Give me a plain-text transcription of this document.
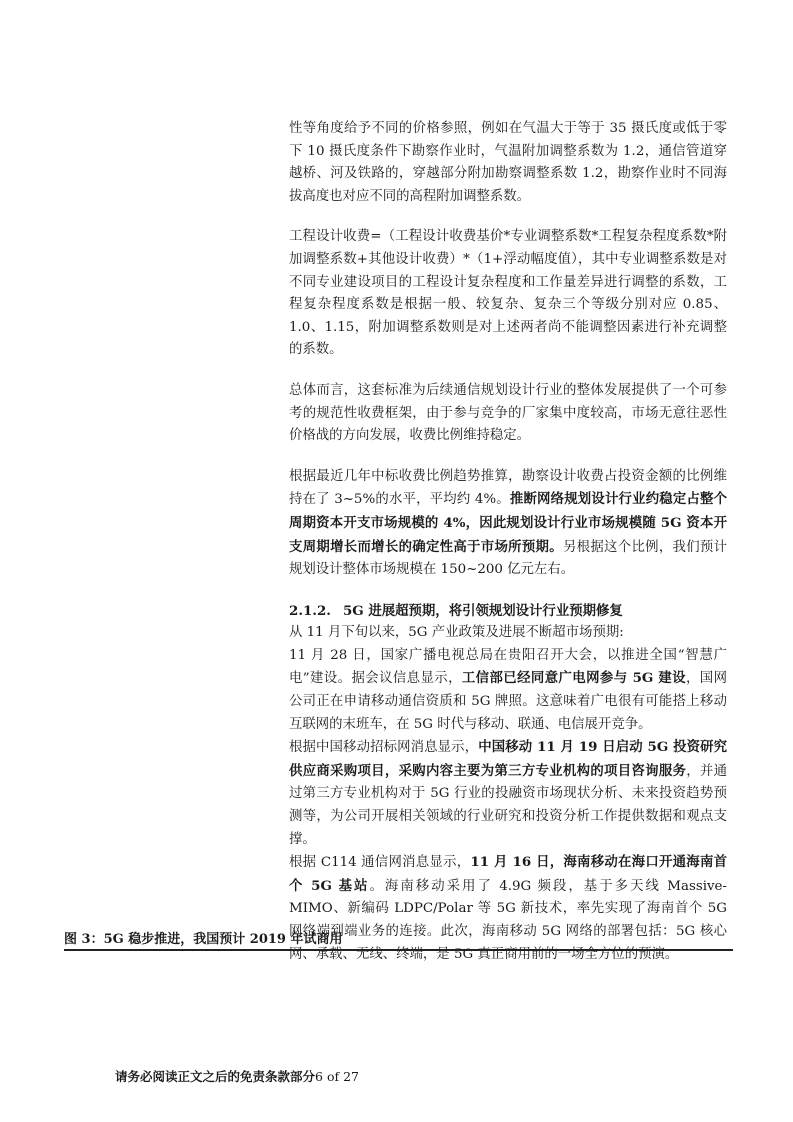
性等角度给予不同的价格参照，例如在气温大于等于 35 摄氏度或低于零下 10 摄氏度条件下勘察作业时，气温附加调整系数为 1.2，通信管道穿越桥、河及铁路的，穿越部分附加勘察调整系数 1.2，勘察作业时不同海拔高度也对应不同的高程附加调整系数。

工程设计收费=（工程设计收费基价*专业调整系数*工程复杂程度系数*附加调整系数+其他设计收费）*（1+浮动幅度值），其中专业调整系数是对不同专业建设项目的工程设计复杂程度和工作量差异进行调整的系数，工程复杂程度系数是根据一般、较复杂、复杂三个等级分别对应 0.85、1.0、1.15，附加调整系数则是对上述两者尚不能调整因素进行补充调整的系数。

总体而言，这套标准为后续通信规划设计行业的整体发展提供了一个可参考的规范性收费框架，由于参与竞争的厂家集中度较高，市场无意往恶性价格战的方向发展，收费比例维持稳定。

根据最近几年中标收费比例趋势推算，勘察设计收费占投资金额的比例维持在了 3~5%的水平，平均约 4%。推断网络规划设计行业约稳定占整个周期资本开支市场规模的 4%，因此规划设计行业市场规模随 5G 资本开支周期增长而增长的确定性高于市场所预期。另根据这个比例，我们预计规划设计整体市场规模在 150~200 亿元左右。

2.1.2. 5G 进展超预期，将引领规划设计行业预期修复

从 11 月下旬以来，5G 产业政策及进展不断超市场预期:

11 月 28 日，国家广播电视总局在贵阳召开大会，以推进全国“智慧广电”建设。据会议信息显示，工信部已经同意广电网参与 5G 建设，国网公司正在申请移动通信资质和 5G 牌照。这意味着广电很有可能搭上移动互联网的末班车，在 5G 时代与移动、联通、电信展开竞争。

根据中国移动招标网消息显示，中国移动 11 月 19 日启动 5G 投资研究供应商采购项目，采购内容主要为第三方专业机构的项目咨询服务，并通过第三方专业机构对于 5G 行业的投融资市场现状分析、未来投资趋势预测等，为公司开展相关领域的行业研究和投资分析工作提供数据和观点支撑。

根据 C114 通信网消息显示，11 月 16 日，海南移动在海口开通海南首个 5G 基站。海南移动采用了 4.9G 频段，基于多天线 Massive-MIMO、新编码 LDPC/Polar 等 5G 新技术，率先实现了海南首个 5G 网络端到端业务的连接。此次，海南移动 5G 网络的部署包括：5G 核心网、承载、无线、终端，是 5G 真正商用前的一场全方位的预演。

图 3：5G 稳步推进，我国预计 2019 年试商用
请务必阅读正文之后的免责条款部分6 of 27
